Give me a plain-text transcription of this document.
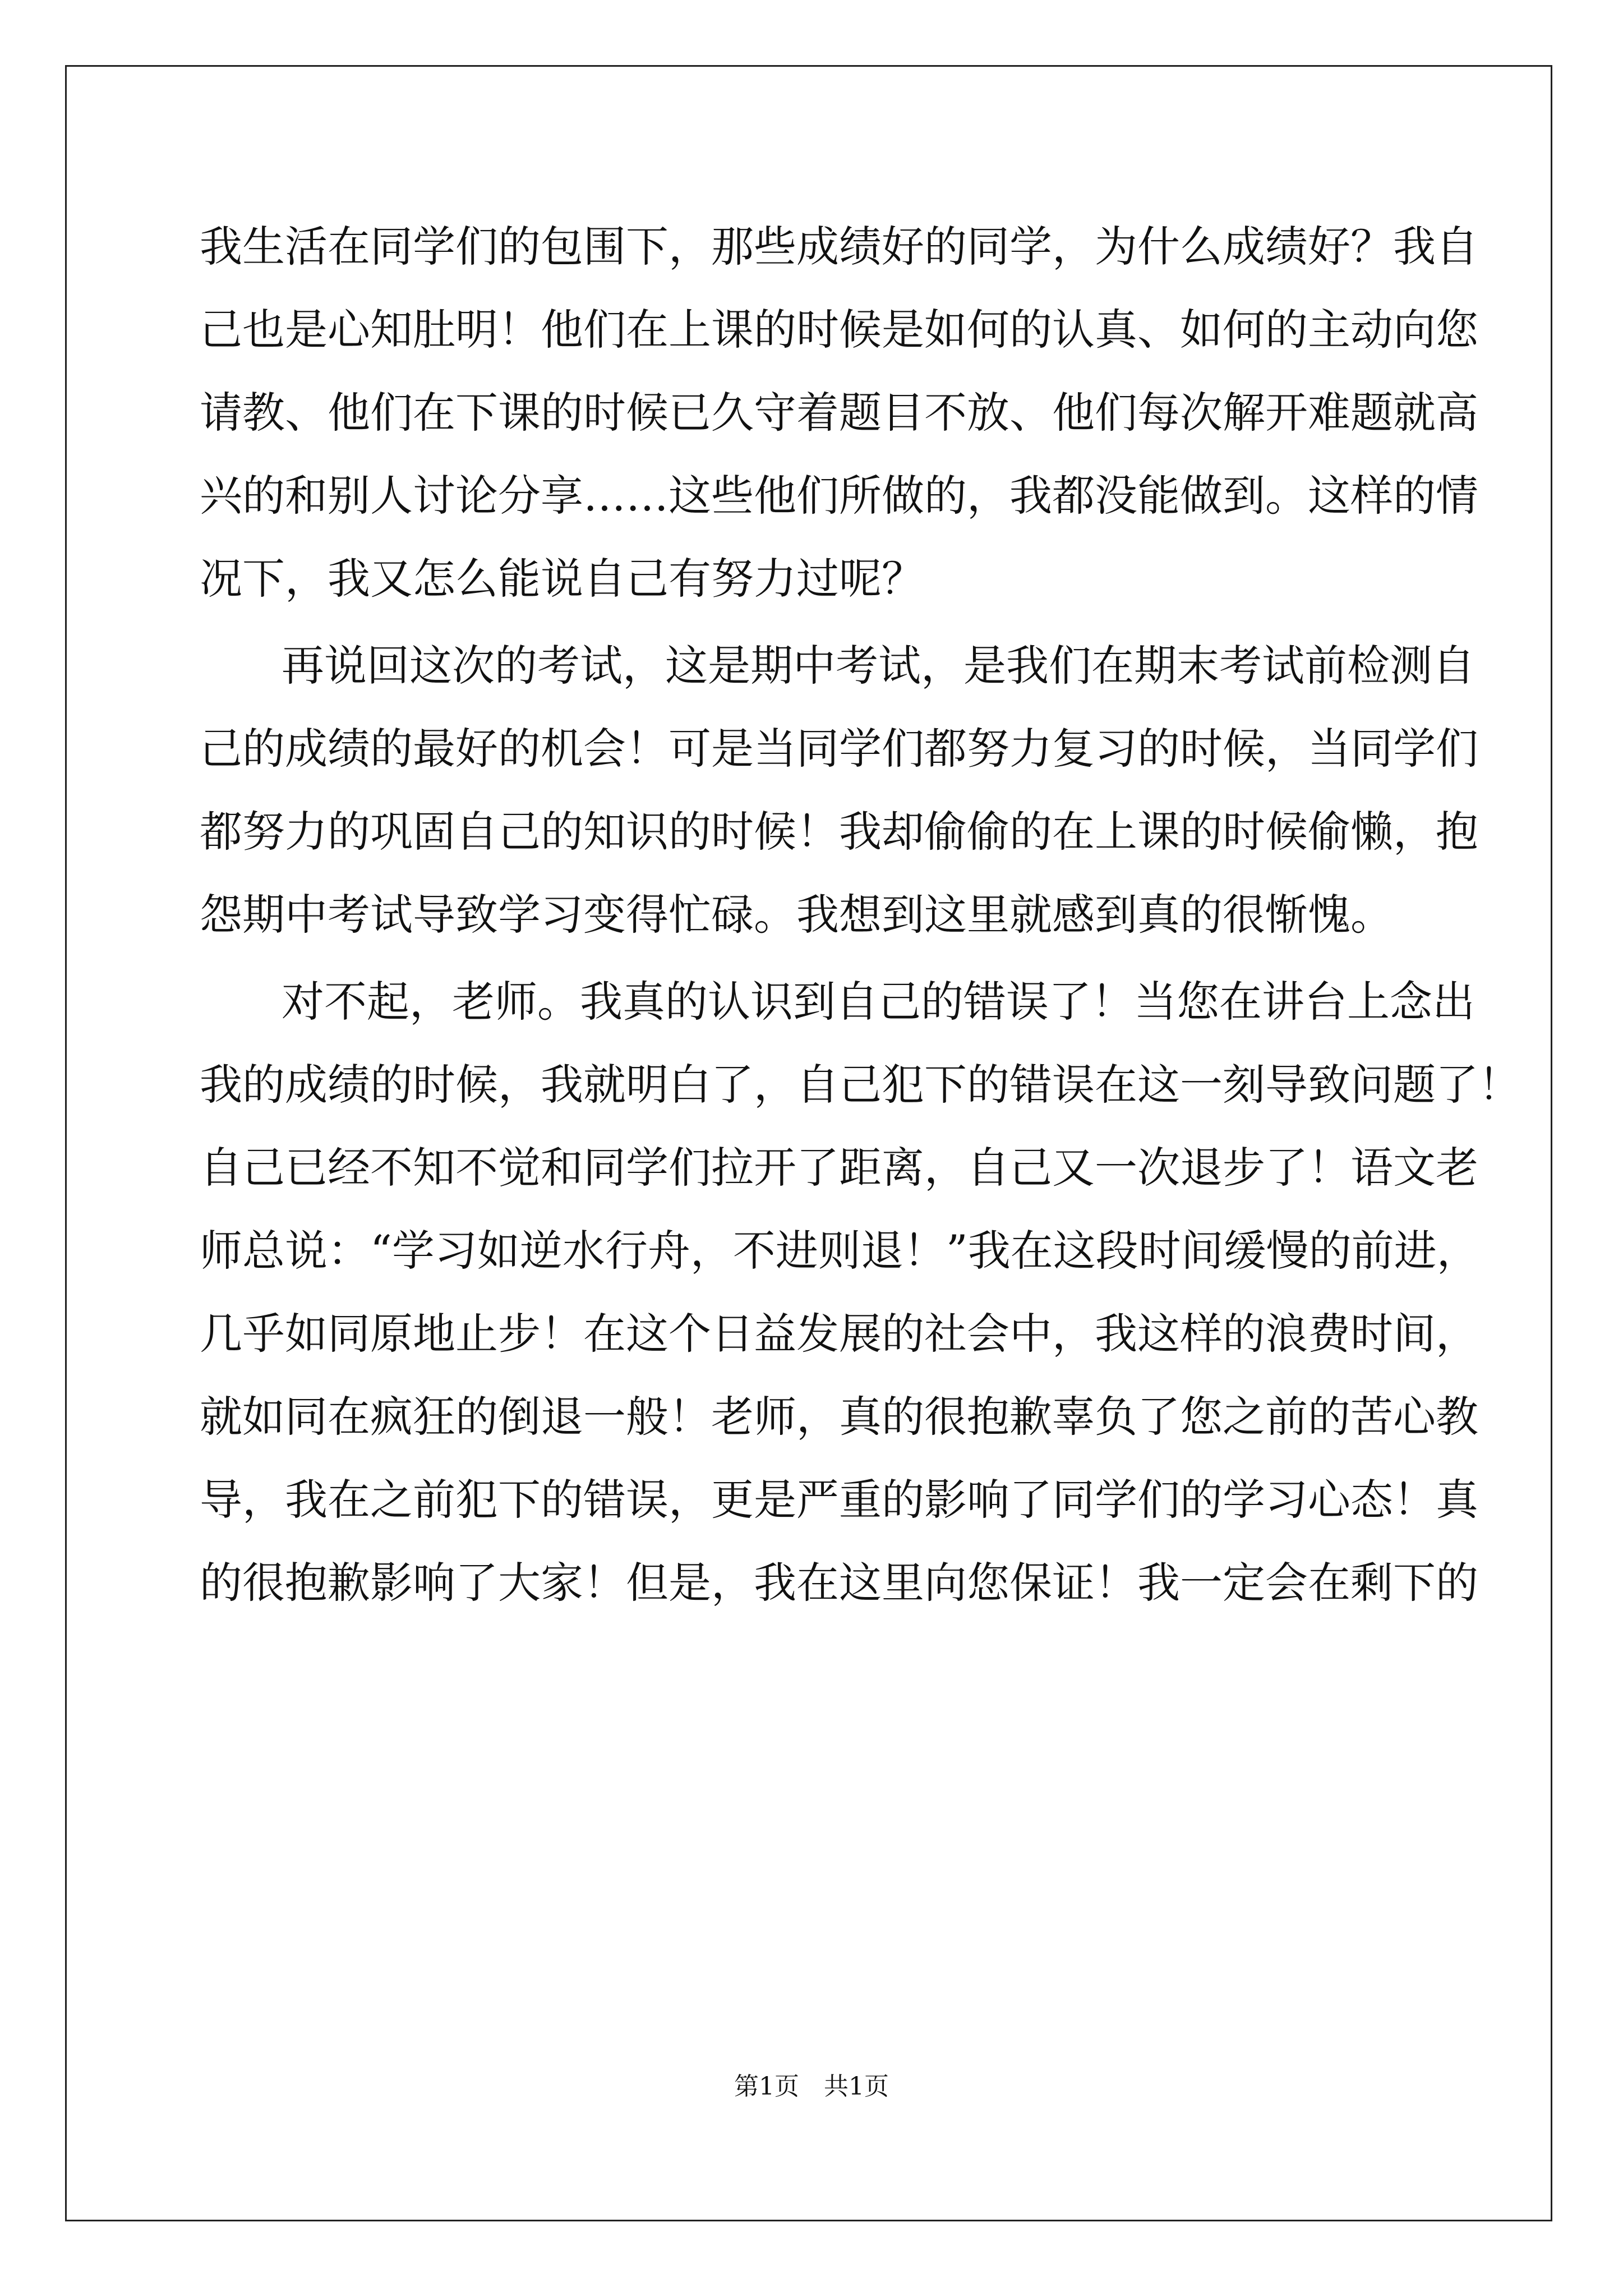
我生活在同学们的包围下，那些成绩好的同学，为什么成绩好？我自
己也是心知肚明！他们在上课的时候是如何的认真、如何的主动向您
请教、他们在下课的时候已久守着题目不放、他们每次解开难题就高
兴的和别人讨论分享……这些他们所做的，我都没能做到。这样的情
况下，我又怎么能说自己有努力过呢？
再说回这次的考试，这是期中考试，是我们在期末考试前检测自
己的成绩的最好的机会！可是当同学们都努力复习的时候，当同学们
都努力的巩固自己的知识的时候！我却偷偷的在上课的时候偷懒，抱
怨期中考试导致学习变得忙碌。我想到这里就感到真的很惭愧。
对不起，老师。我真的认识到自己的错误了！当您在讲台上念出
我的成绩的时候，我就明白了，自己犯下的错误在这一刻导致问题了！
自己已经不知不觉和同学们拉开了距离，自己又一次退步了！语文老
师总说：“学习如逆水行舟，不进则退！”我在这段时间缓慢的前进，
几乎如同原地止步！在这个日益发展的社会中，我这样的浪费时间，
就如同在疯狂的倒退一般！老师，真的很抱歉辜负了您之前的苦心教
导，我在之前犯下的错误，更是严重的影响了同学们的学习心态！真
的很抱歉影响了大家！但是，我在这里向您保证！我一定会在剩下的
第1页　共1页
